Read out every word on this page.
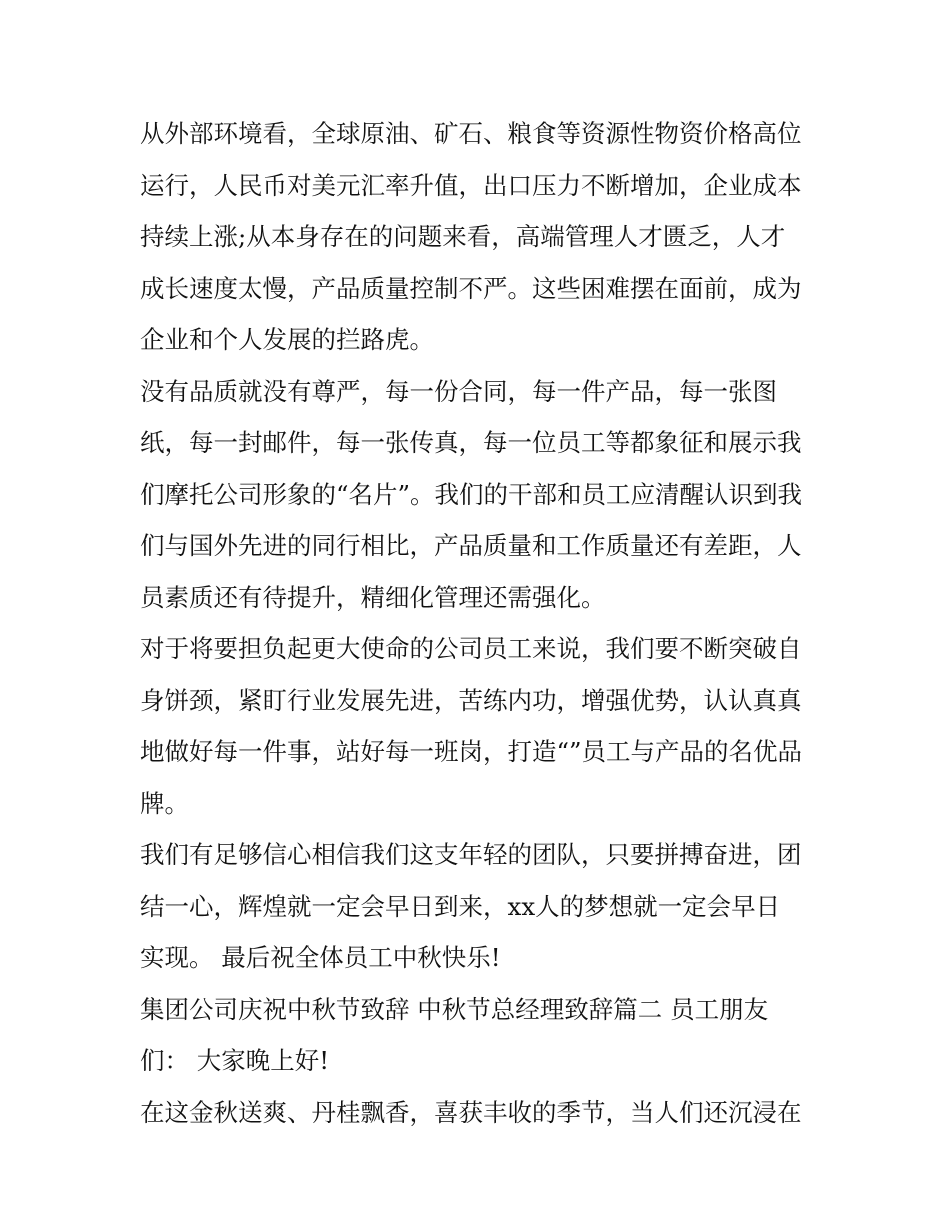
从外部环境看，全球原油、矿石、粮食等资源性物资价格高位
运行，人民币对美元汇率升值，出口压力不断增加，企业成本
持续上涨;从本身存在的问题来看，高端管理人才匮乏，人才
成长速度太慢，产品质量控制不严。这些困难摆在面前，成为
企业和个人发展的拦路虎。
没有品质就没有尊严，每一份合同，每一件产品，每一张图
纸，每一封邮件，每一张传真，每一位员工等都象征和展示我
们摩托公司形象的“名片”。我们的干部和员工应清醒认识到我
们与国外先进的同行相比，产品质量和工作质量还有差距，人
员素质还有待提升，精细化管理还需强化。
对于将要担负起更大使命的公司员工来说，我们要不断突破自
身饼颈，紧盯行业发展先进，苦练内功，增强优势，认认真真
地做好每一件事，站好每一班岗，打造“”员工与产品的名优品
牌。
我们有足够信心相信我们这支年轻的团队，只要拼搏奋进，团
结一心，辉煌就一定会早日到来，xx人的梦想就一定会早日
实现。 最后祝全体员工中秋快乐!
集团公司庆祝中秋节致辞 中秋节总经理致辞篇二 员工朋友
们： 大家晚上好!
在这金秋送爽、丹桂飘香，喜获丰收的季节，当人们还沉浸在
